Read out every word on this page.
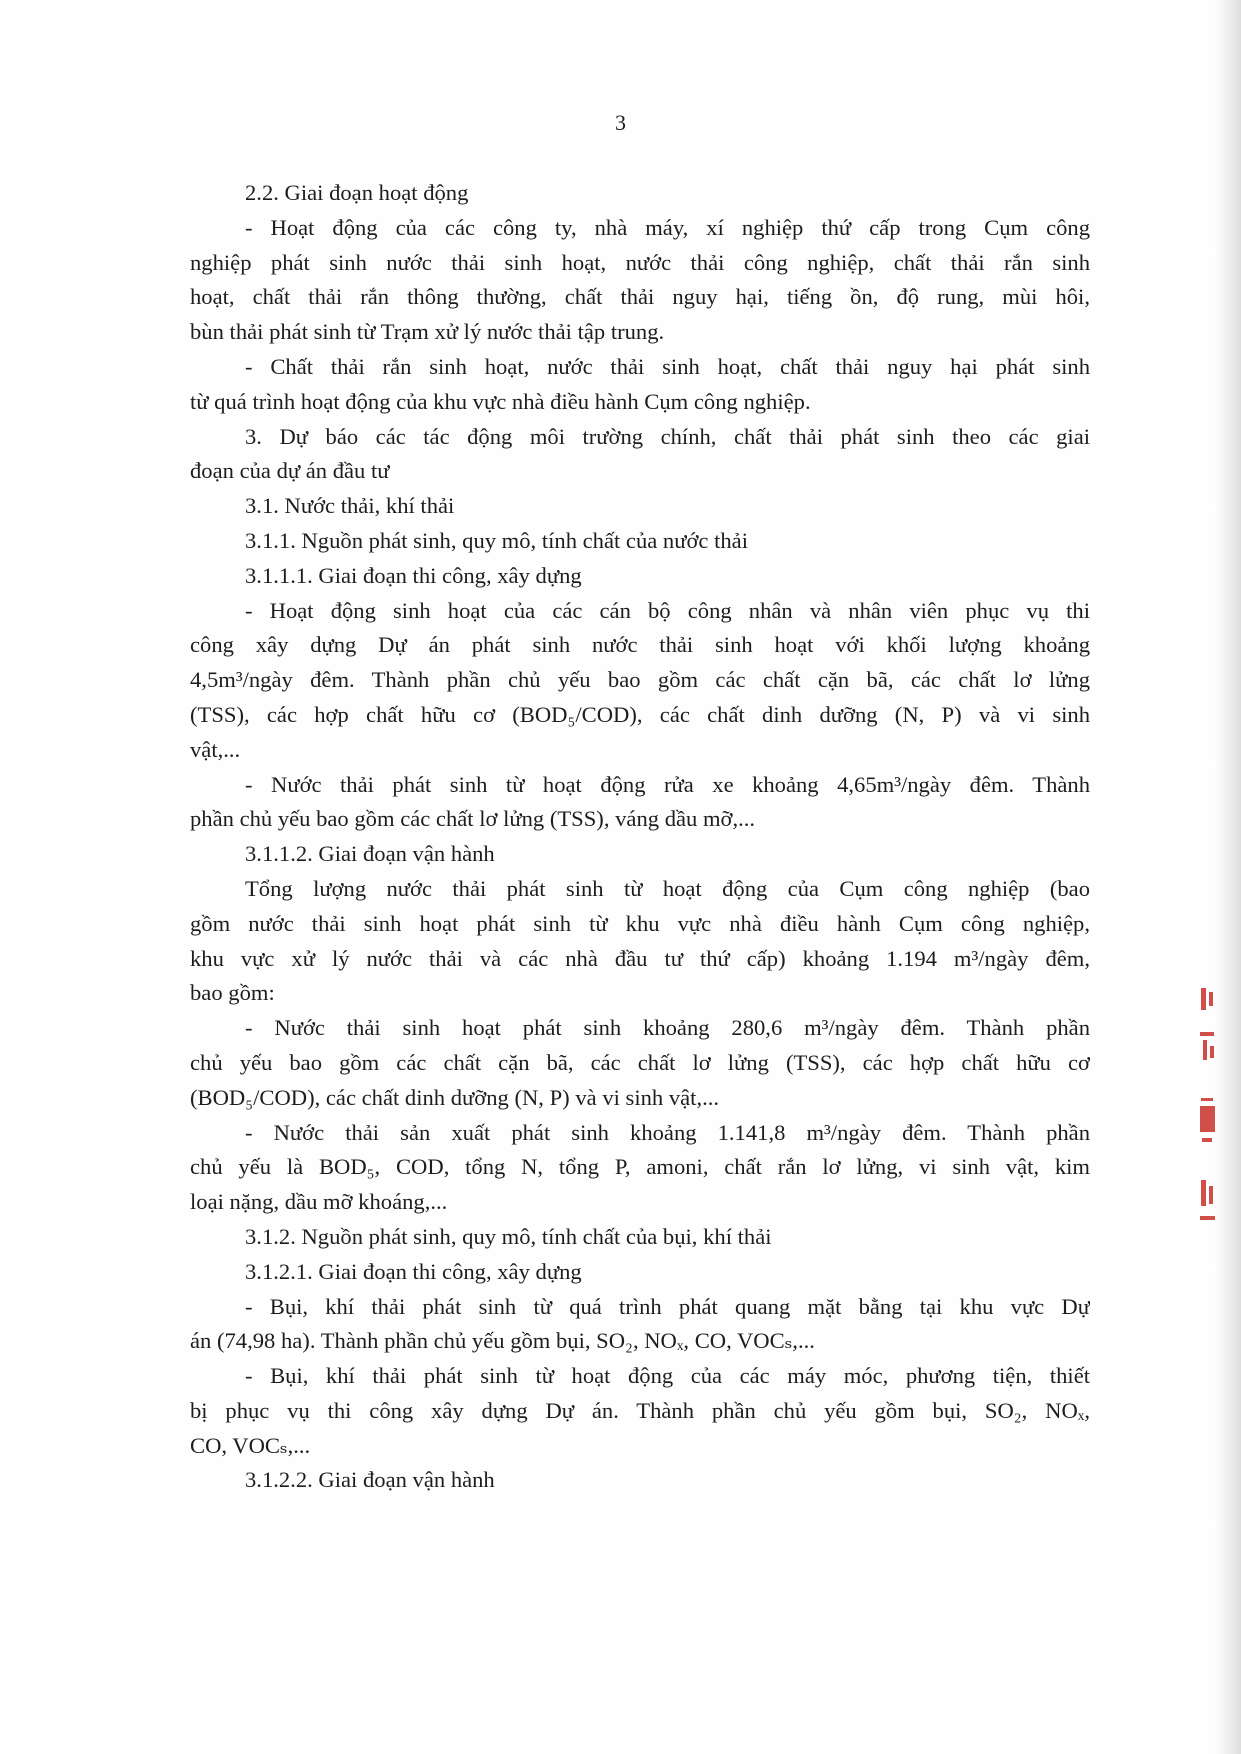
3
2.2. Giai đoạn hoạt động
- Hoạt động của các công ty, nhà máy, xí nghiệp thứ cấp trong Cụm công
nghiệp phát sinh nước thải sinh hoạt, nước thải công nghiệp, chất thải rắn sinh
hoạt, chất thải rắn thông thường, chất thải nguy hại, tiếng ồn, độ rung, mùi hôi,
bùn thải phát sinh từ Trạm xử lý nước thải tập trung.
- Chất thải rắn sinh hoạt, nước thải sinh hoạt, chất thải nguy hại phát sinh
từ quá trình hoạt động của khu vực nhà điều hành Cụm công nghiệp.
3. Dự báo các tác động môi trường chính, chất thải phát sinh theo các giai
đoạn của dự án đầu tư
3.1. Nước thải, khí thải
3.1.1. Nguồn phát sinh, quy mô, tính chất của nước thải
3.1.1.1. Giai đoạn thi công, xây dựng
- Hoạt động sinh hoạt của các cán bộ công nhân và nhân viên phục vụ thi
công xây dựng Dự án phát sinh nước thải sinh hoạt với khối lượng khoảng
4,5m³/ngày đêm. Thành phần chủ yếu bao gồm các chất cặn bã, các chất lơ lửng
(TSS), các hợp chất hữu cơ (BOD₅/COD), các chất dinh dưỡng (N, P) và vi sinh
vật,...
- Nước thải phát sinh từ hoạt động rửa xe khoảng 4,65m³/ngày đêm. Thành
phần chủ yếu bao gồm các chất lơ lửng (TSS), váng dầu mỡ,...
3.1.1.2. Giai đoạn vận hành
Tổng lượng nước thải phát sinh từ hoạt động của Cụm công nghiệp (bao
gồm nước thải sinh hoạt phát sinh từ khu vực nhà điều hành Cụm công nghiệp,
khu vực xử lý nước thải và các nhà đầu tư thứ cấp) khoảng 1.194 m³/ngày đêm,
bao gồm:
- Nước thải sinh hoạt phát sinh khoảng 280,6 m³/ngày đêm. Thành phần
chủ yếu bao gồm các chất cặn bã, các chất lơ lửng (TSS), các hợp chất hữu cơ
(BOD₅/COD), các chất dinh dưỡng (N, P) và vi sinh vật,...
- Nước thải sản xuất phát sinh khoảng 1.141,8 m³/ngày đêm. Thành phần
chủ yếu là BOD₅, COD, tổng N, tổng P, amoni, chất rắn lơ lửng, vi sinh vật, kim
loại nặng, dầu mỡ khoáng,...
3.1.2. Nguồn phát sinh, quy mô, tính chất của bụi, khí thải
3.1.2.1. Giai đoạn thi công, xây dựng
- Bụi, khí thải phát sinh từ quá trình phát quang mặt bằng tại khu vực Dự
án (74,98 ha). Thành phần chủ yếu gồm bụi, SO₂, NOₓ, CO, VOCₛ,...
- Bụi, khí thải phát sinh từ hoạt động của các máy móc, phương tiện, thiết
bị phục vụ thi công xây dựng Dự án. Thành phần chủ yếu gồm bụi, SO₂, NOₓ,
CO, VOCₛ,...
3.1.2.2. Giai đoạn vận hành
